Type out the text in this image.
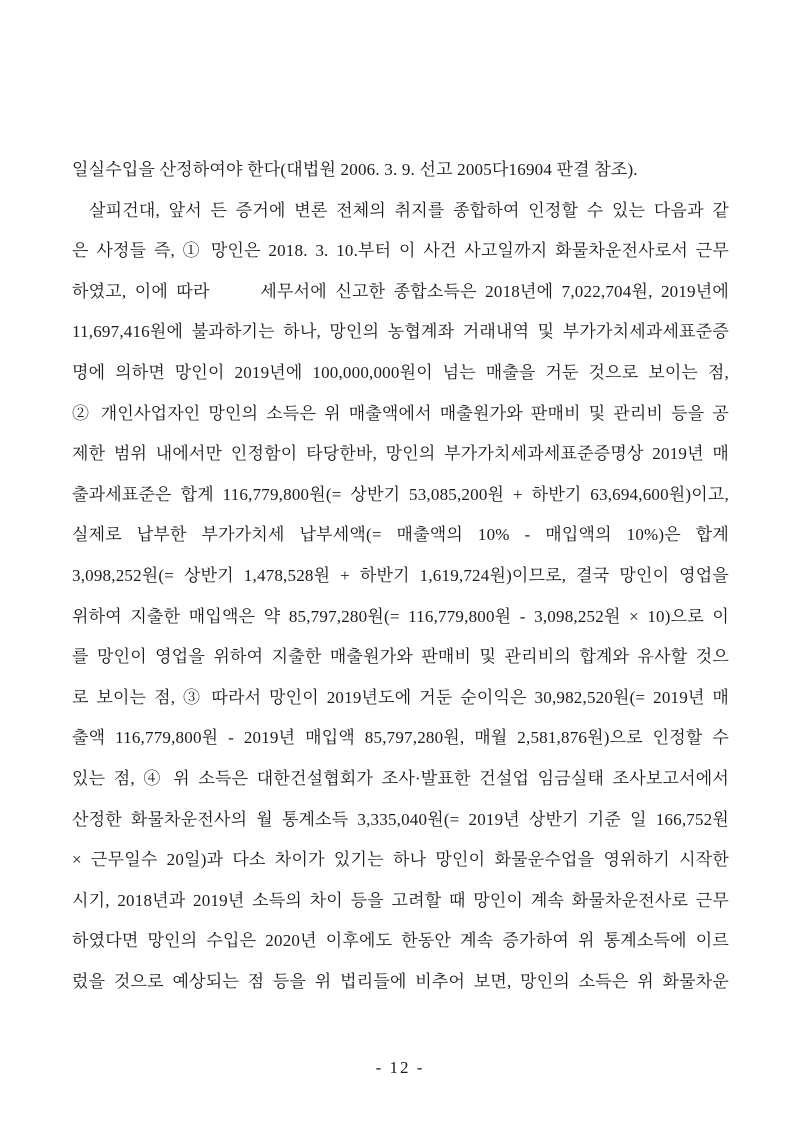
일실수입을 산정하여야 한다(대법원 2006. 3. 9. 선고 2005다16904 판결 참조).
살피건대, 앞서 든 증거에 변론 전체의 취지를 종합하여 인정할 수 있는 다음과 같
은 사정들 즉, ① 망인은 2018. 3. 10.부터 이 사건 사고일까지 화물차운전사로서 근무
하였고, 이에 따라 　　세무서에 신고한 종합소득은 2018년에 7,022,704원, 2019년에
11,697,416원에 불과하기는 하나, 망인의 농협계좌 거래내역 및 부가가치세과세표준증
명에 의하면 망인이 2019년에 100,000,000원이 넘는 매출을 거둔 것으로 보이는 점,
② 개인사업자인 망인의 소득은 위 매출액에서 매출원가와 판매비 및 관리비 등을 공
제한 범위 내에서만 인정함이 타당한바, 망인의 부가가치세과세표준증명상 2019년 매
출과세표준은 합계 116,779,800원(= 상반기 53,085,200원 + 하반기 63,694,600원)이고,
실제로 납부한 부가가치세 납부세액(= 매출액의 10% - 매입액의 10%)은 합계
3,098,252원(= 상반기 1,478,528원 + 하반기 1,619,724원)이므로, 결국 망인이 영업을
위하여 지출한 매입액은 약 85,797,280원(= 116,779,800원 - 3,098,252원 × 10)으로 이
를 망인이 영업을 위하여 지출한 매출원가와 판매비 및 관리비의 합계와 유사할 것으
로 보이는 점, ③ 따라서 망인이 2019년도에 거둔 순이익은 30,982,520원(= 2019년 매
출액 116,779,800원 - 2019년 매입액 85,797,280원, 매월 2,581,876원)으로 인정할 수
있는 점, ④ 위 소득은 대한건설협회가 조사·발표한 건설업 임금실태 조사보고서에서
산정한 화물차운전사의 월 통계소득 3,335,040원(= 2019년 상반기 기준 일 166,752원
× 근무일수 20일)과 다소 차이가 있기는 하나 망인이 화물운수업을 영위하기 시작한
시기, 2018년과 2019년 소득의 차이 등을 고려할 때 망인이 계속 화물차운전사로 근무
하였다면 망인의 수입은 2020년 이후에도 한동안 계속 증가하여 위 통계소득에 이르
렀을 것으로 예상되는 점 등을 위 법리들에 비추어 보면, 망인의 소득은 위 화물차운
- 12 -
